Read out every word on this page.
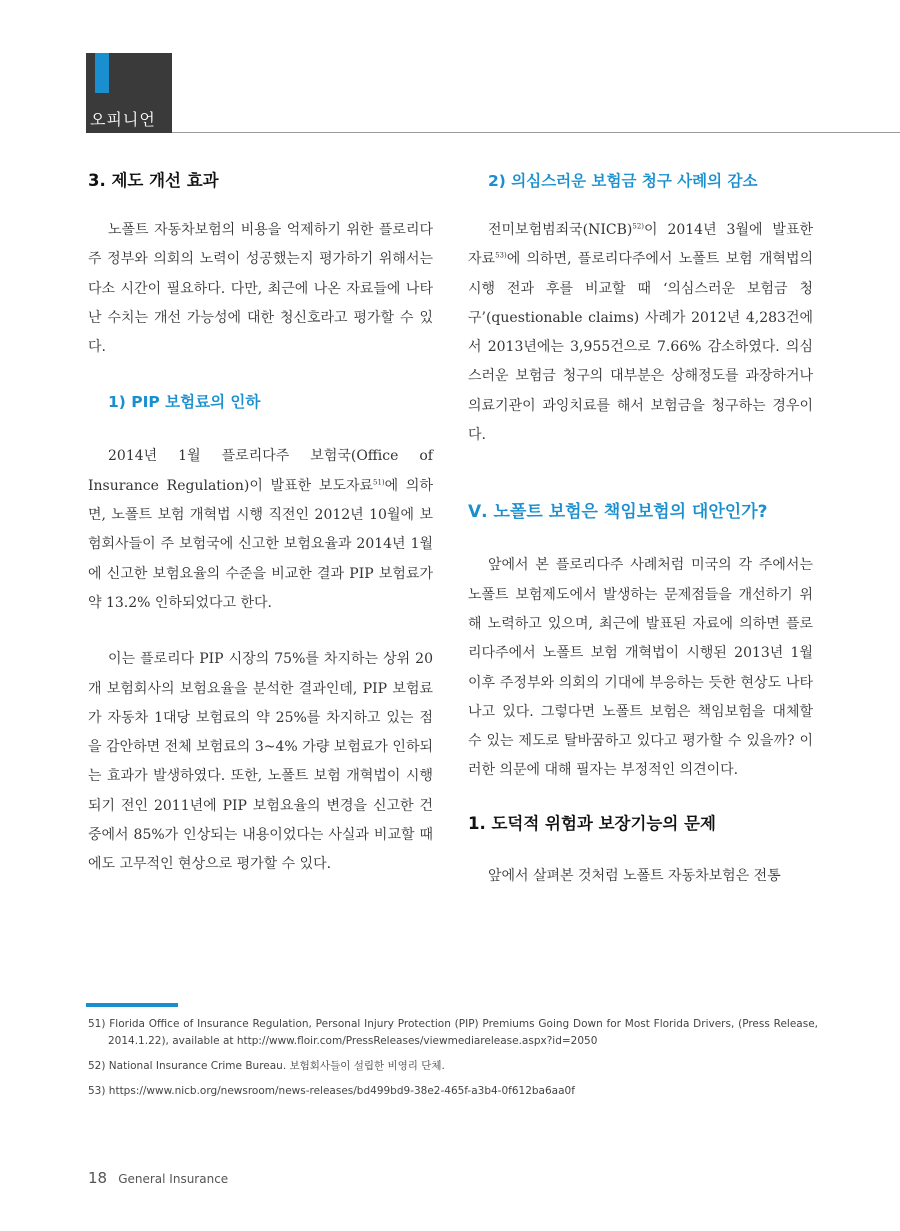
오피니언
3. 제도 개선 효과

노폴트 자동차보험의 비용을 억제하기 위한 플로리다주 정부와 의회의 노력이 성공했는지 평가하기 위해서는 다소 시간이 필요하다. 다만, 최근에 나온 자료들에 나타난 수치는 개선 가능성에 대한 청신호라고 평가할 수 있다.

1) PIP 보험료의 인하

2014년 1월 플로리다주 보험국(Office of Insurance Regulation)이 발표한 보도자료$^{51)}$에 의하면, 노폴트 보험 개혁법 시행 직전인 2012년 10월에 보험회사들이 주 보험국에 신고한 보험요율과 2014년 1월에 신고한 보험요율의 수준을 비교한 결과 PIP 보험료가 약 13.2% 인하되었다고 한다.

이는 플로리다 PIP 시장의 75%를 차지하는 상위 20개 보험회사의 보험요율을 분석한 결과인데, PIP 보험료가 자동차 1대당 보험료의 약 25%를 차지하고 있는 점을 감안하면 전체 보험료의 3~4% 가량 보험료가 인하되는 효과가 발생하였다. 또한, 노폴트 보험 개혁법이 시행되기 전인 2011년에 PIP 보험요율의 변경을 신고한 건 중에서 85%가 인상되는 내용이었다는 사실과 비교할 때에도 고무적인 현상으로 평가할 수 있다.

2) 의심스러운 보험금 청구 사례의 감소

전미보험범죄국(NICB)$^{52)}$이 2014년 3월에 발표한 자료$^{53)}$에 의하면, 플로리다주에서 노폴트 보험 개혁법의 시행 전과 후를 비교할 때 ‘의심스러운 보험금 청구’(questionable claims) 사례가 2012년 4,283건에서 2013년에는 3,955건으로 7.66% 감소하였다. 의심스러운 보험금 청구의 대부분은 상해정도를 과장하거나 의료기관이 과잉치료를 해서 보험금을 청구하는 경우이다.

Ⅴ. 노폴트 보험은 책임보험의 대안인가?

앞에서 본 플로리다주 사례처럼 미국의 각 주에서는 노폴트 보험제도에서 발생하는 문제점들을 개선하기 위해 노력하고 있으며, 최근에 발표된 자료에 의하면 플로리다주에서 노폴트 보험 개혁법이 시행된 2013년 1월 이후 주정부와 의회의 기대에 부응하는 듯한 현상도 나타나고 있다. 그렇다면 노폴트 보험은 책임보험을 대체할 수 있는 제도로 탈바꿈하고 있다고 평가할 수 있을까? 이러한 의문에 대해 필자는 부정적인 의견이다.

1. 도덕적 위험과 보장기능의 문제

앞에서 살펴본 것처럼 노폴트 자동차보험은 전통

51) Florida Office of Insurance Regulation, Personal Injury Protection (PIP) Premiums Going Down for Most Florida Drivers, (Press Release, 2014.1.22), available at http://www.floir.com/PressReleases/viewmediarelease.aspx?id=2050

52) National Insurance Crime Bureau. 보험회사들이 설립한 비영리 단체.

53) https://www.nicb.org/newsroom/news-releases/bd499bd9-38e2-465f-a3b4-0f612ba6aa0f

18 General Insurance
